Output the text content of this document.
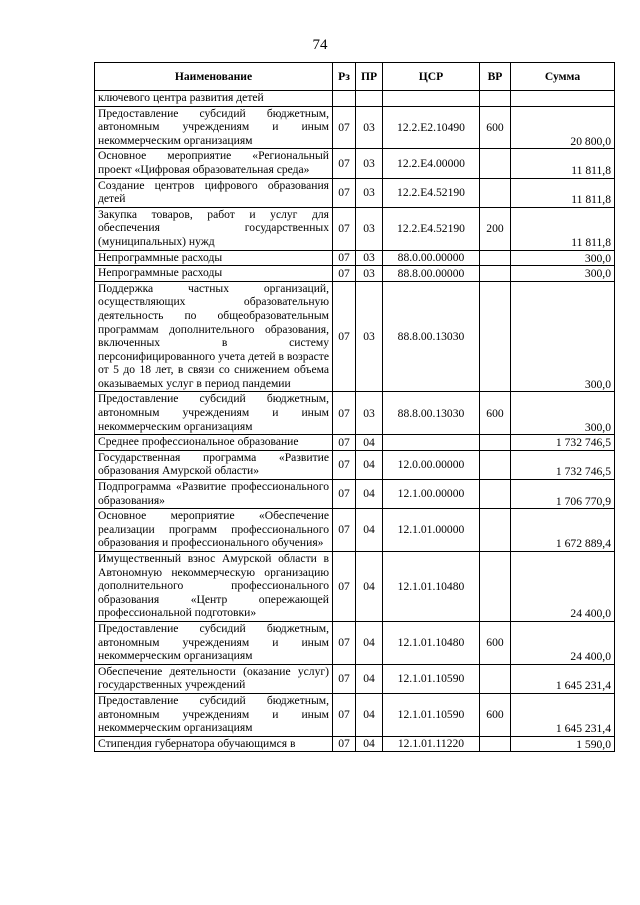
74
Наименование	Рз	ПР	ЦСР	ВР	Сумма
ключевого центра развития детей					
Предоставление субсидий бюджетным, автономным учреждениям и иным некоммерческим организациям	07	03	12.2.Е2.10490	600	20 800,0
Основное мероприятие «Региональный проект «Цифровая образовательная среда»	07	03	12.2.Е4.00000		11 811,8
Создание центров цифрового образования детей	07	03	12.2.Е4.52190		11 811,8
Закупка товаров, работ и услуг для обеспечения государственных (муниципальных) нужд	07	03	12.2.Е4.52190	200	11 811,8
Непрограммные расходы	07	03	88.0.00.00000		300,0
Непрограммные расходы	07	03	88.8.00.00000		300,0
Поддержка частных организаций, осуществляющих образовательную деятельность по общеобразовательным программам дополнительного образования, включенных в систему персонифицированного учета детей в возрасте от 5 до 18 лет, в связи со снижением объема оказываемых услуг в период пандемии	07	03	88.8.00.13030		300,0
Предоставление субсидий бюджетным, автономным учреждениям и иным некоммерческим организациям	07	03	88.8.00.13030	600	300,0
Среднее профессиональное образование	07	04			1 732 746,5
Государственная программа «Развитие образования Амурской области»	07	04	12.0.00.00000		1 732 746,5
Подпрограмма «Развитие профессионального образования»	07	04	12.1.00.00000		1 706 770,9
Основное мероприятие «Обеспечение реализации программ профессионального образования и профессионального обучения»	07	04	12.1.01.00000		1 672 889,4
Имущественный взнос Амурской области в Автономную некоммерческую организацию дополнительного профессионального образования «Центр опережающей профессиональной подготовки»	07	04	12.1.01.10480		24 400,0
Предоставление субсидий бюджетным, автономным учреждениям и иным некоммерческим организациям	07	04	12.1.01.10480	600	24 400,0
Обеспечение деятельности (оказание услуг) государственных учреждений	07	04	12.1.01.10590		1 645 231,4
Предоставление субсидий бюджетным, автономным учреждениям и иным некоммерческим организациям	07	04	12.1.01.10590	600	1 645 231,4
Стипендия губернатора обучающимся в	07	04	12.1.01.11220		1 590,0
